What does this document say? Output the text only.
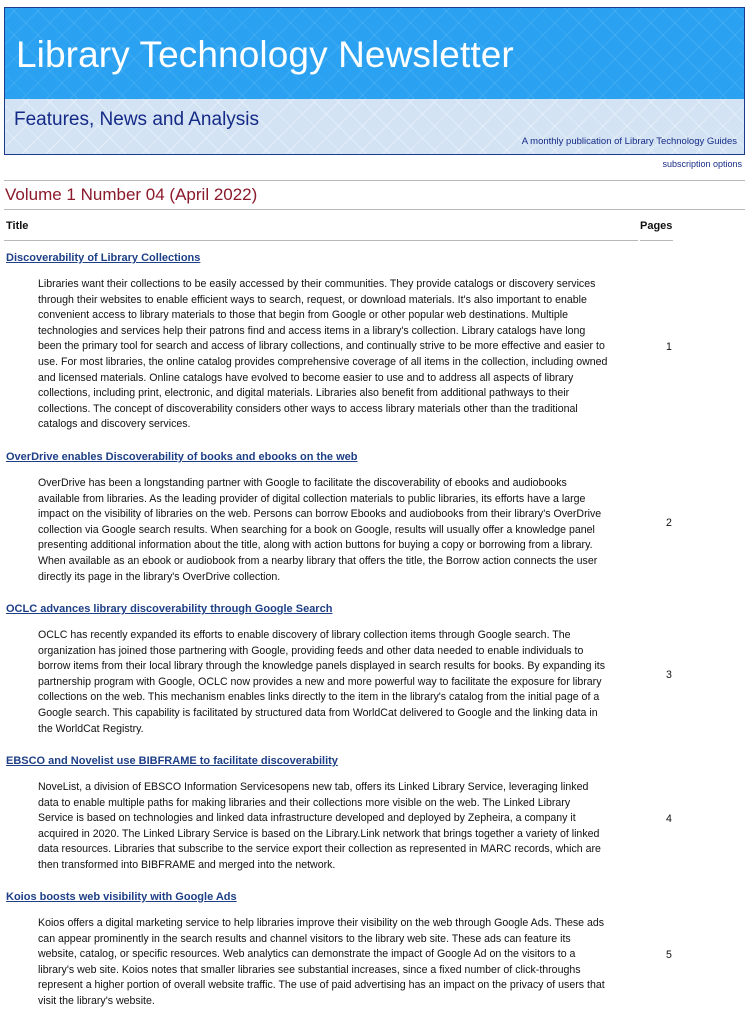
Library Technology Newsletter
Features, News and Analysis
A monthly publication of Library Technology Guides
subscription options
Volume 1 Number 04 (April 2022)
Title	Pages
Discoverability of Library Collections
Libraries want their collections to be easily accessed by their communities. They provide catalogs or discovery services through their websites to enable efficient ways to search, request, or download materials. It's also important to enable convenient access to library materials to those that begin from Google or other popular web destinations. Multiple technologies and services help their patrons find and access items in a library's collection. Library catalogs have long been the primary tool for search and access of library collections, and continually strive to be more effective and easier to use. For most libraries, the online catalog provides comprehensive coverage of all items in the collection, including owned and licensed materials. Online catalogs have evolved to become easier to use and to address all aspects of library collections, including print, electronic, and digital materials. Libraries also benefit from additional pathways to their collections. The concept of discoverability considers other ways to access library materials other than the traditional catalogs and discovery services.
1
OverDrive enables Discoverability of books and ebooks on the web
OverDrive has been a longstanding partner with Google to facilitate the discoverability of ebooks and audiobooks available from libraries. As the leading provider of digital collection materials to public libraries, its efforts have a large impact on the visibility of libraries on the web. Persons can borrow Ebooks and audiobooks from their library's OverDrive collection via Google search results. When searching for a book on Google, results will usually offer a knowledge panel presenting additional information about the title, along with action buttons for buying a copy or borrowing from a library. When available as an ebook or audiobook from a nearby library that offers the title, the Borrow action connects the user directly its page in the library's OverDrive collection.
2
OCLC advances library discoverability through Google Search
OCLC has recently expanded its efforts to enable discovery of library collection items through Google search. The organization has joined those partnering with Google, providing feeds and other data needed to enable individuals to borrow items from their local library through the knowledge panels displayed in search results for books. By expanding its partnership program with Google, OCLC now provides a new and more powerful way to facilitate the exposure for library collections on the web. This mechanism enables links directly to the item in the library's catalog from the initial page of a Google search. This capability is facilitated by structured data from WorldCat delivered to Google and the linking data in the WorldCat Registry.
3
EBSCO and Novelist use BIBFRAME to facilitate discoverability
NoveList, a division of EBSCO Information Servicesopens new tab, offers its Linked Library Service, leveraging linked data to enable multiple paths for making libraries and their collections more visible on the web. The Linked Library Service is based on technologies and linked data infrastructure developed and deployed by Zepheira, a company it acquired in 2020. The Linked Library Service is based on the Library.Link network that brings together a variety of linked data resources. Libraries that subscribe to the service export their collection as represented in MARC records, which are then transformed into BIBFRAME and merged into the network.
4
Koios boosts web visibility with Google Ads
Koios offers a digital marketing service to help libraries improve their visibility on the web through Google Ads. These ads can appear prominently in the search results and channel visitors to the library web site. These ads can feature its website, catalog, or specific resources. Web analytics can demonstrate the impact of Google Ad on the visitors to a library's web site. Koios notes that smaller libraries see substantial increases, since a fixed number of click-throughs represent a higher portion of overall website traffic. The use of paid advertising has an impact on the privacy of users that visit the library's website.
5
